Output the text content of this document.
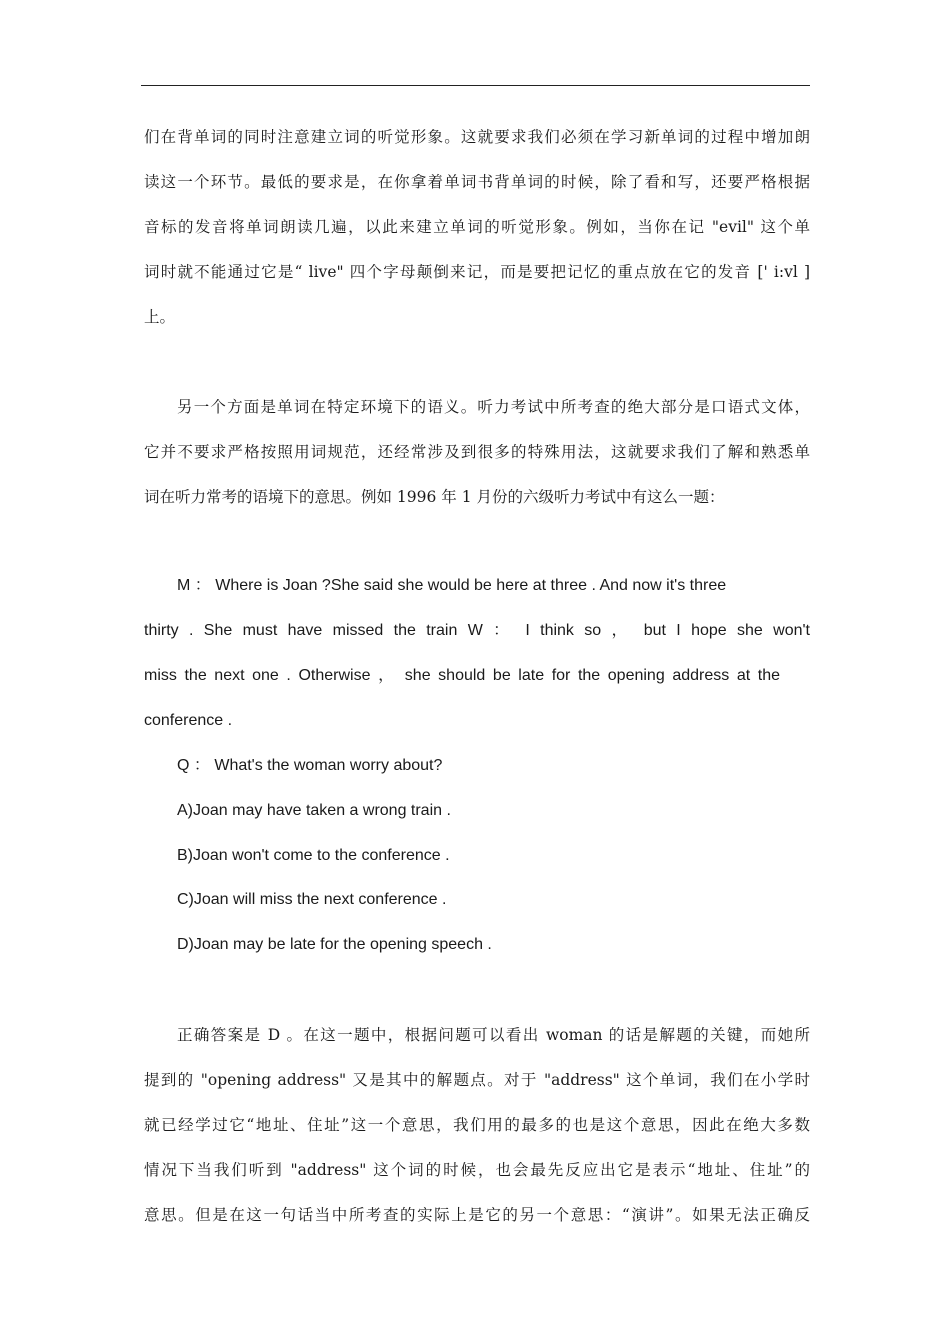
们在背单词的同时注意建立词的听觉形象。这就要求我们必须在学习新单词的过程中增加朗
读这一个环节。最低的要求是，在你拿着单词书背单词的时候，除了看和写，还要严格根据
音标的发音将单词朗读几遍，以此来建立单词的听觉形象。例如，当你在记 "evil" 这个单
词时就不能通过它是“ live" 四个字母颠倒来记，而是要把记忆的重点放在它的发音 [' i:vl ]
上。
另一个方面是单词在特定环境下的语义。听力考试中所考查的绝大部分是口语式文体，
它并不要求严格按照用词规范，还经常涉及到很多的特殊用法，这就要求我们了解和熟悉单
词在听力常考的语境下的意思。例如 1996 年 1 月份的六级听力考试中有这么一题：
M ： Where is Joan ?She said she would be here at three . And now it's three
thirty . She must have missed the train W ： I think so ， but I hope she won't
miss the next one . Otherwise ， she should be late for the opening address at the
conference .
Q ： What's the woman worry about?
A)Joan may have taken a wrong train .
B)Joan won't come to the conference .
C)Joan will miss the next conference .
D)Joan may be late for the opening speech .
正确答案是 D 。在这一题中，根据问题可以看出 woman 的话是解题的关键，而她所
提到的 "opening address" 又是其中的解题点。对于 "address" 这个单词，我们在小学时
就已经学过它“地址、住址”这一个意思，我们用的最多的也是这个意思，因此在绝大多数
情况下当我们听到 "address" 这个词的时候，也会最先反应出它是表示“地址、住址”的
意思。但是在这一句话当中所考查的实际上是它的另一个意思：“演讲”。如果无法正确反
